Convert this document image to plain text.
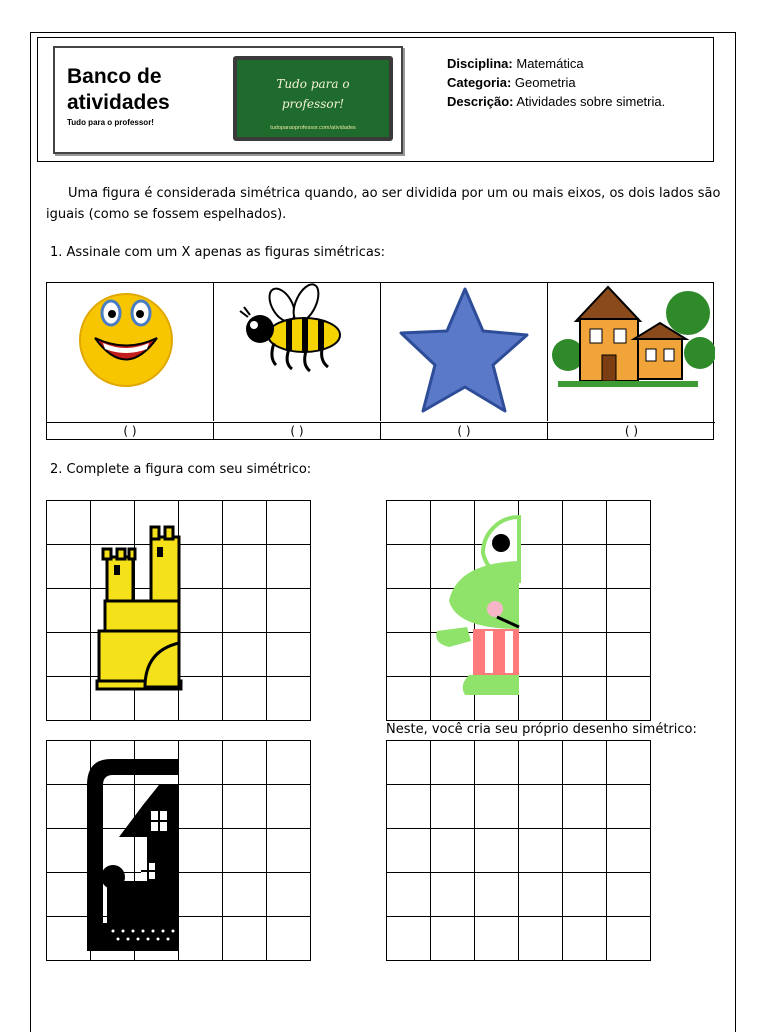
Banco de atividades
Tudo para o professor!
Tudo para o professor!
tudoparaoprofessor.com/atividades
Disciplina: Matemática
Categoria: Geometria
Descrição: Atividades sobre simetria.
Uma figura é considerada simétrica quando, ao ser dividida por um ou mais eixos, os dois lados são iguais (como se fossem espelhados).
1. Assinale com um X apenas as figuras simétricas:
( )	( )	( )	( )
2. Complete a figura com seu simétrico:
Neste, você cria seu próprio desenho simétrico:
